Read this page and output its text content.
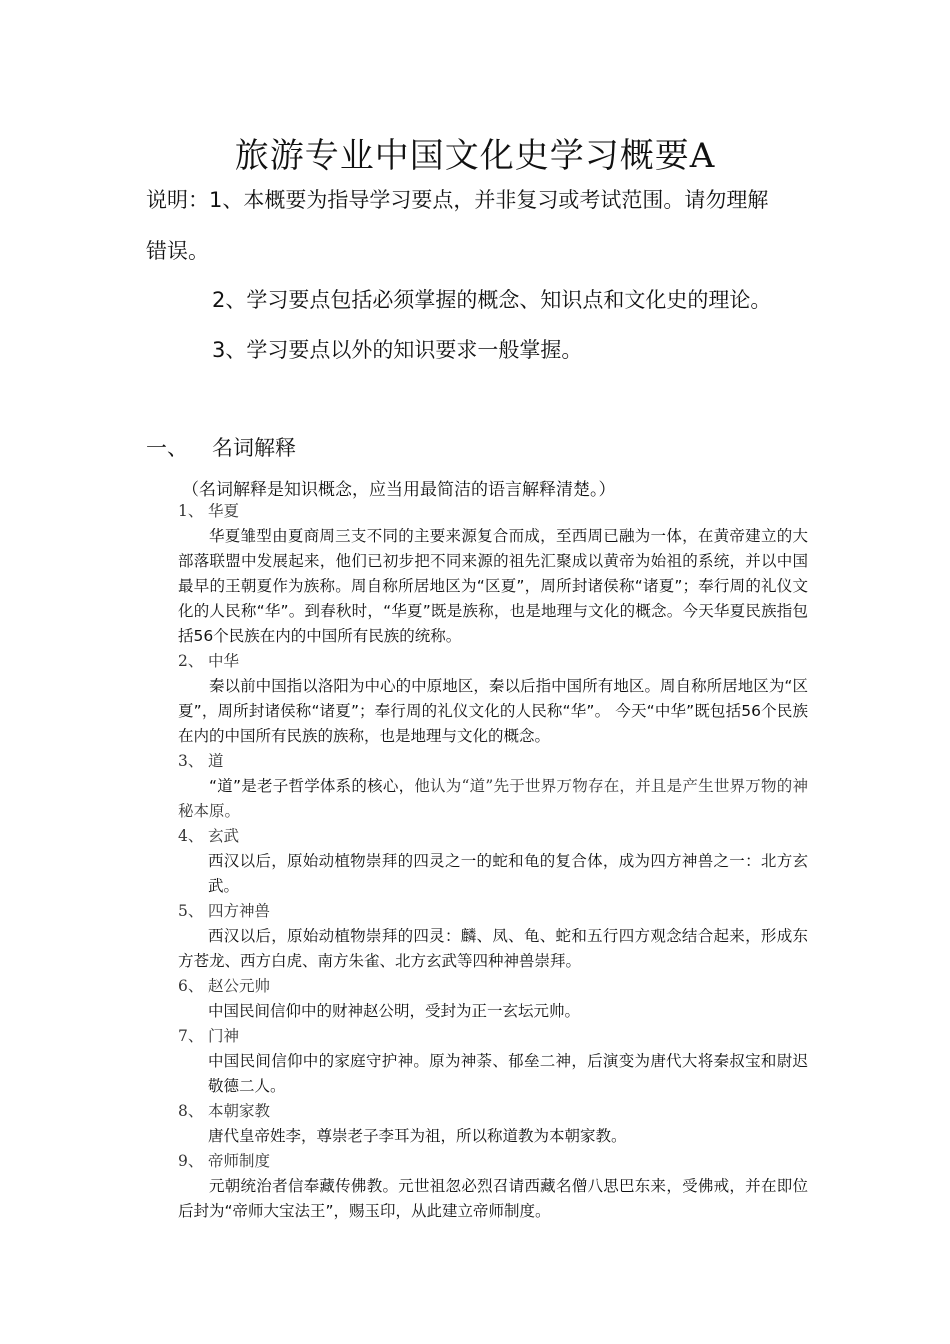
旅游专业中国文化史学习概要A
说明：1、本概要为指导学习要点，并非复习或考试范围。请勿理解
错误。
2、学习要点包括必须掌握的概念、知识点和文化史的理论。
3、学习要点以外的知识要求一般掌握。
一、 名词解释
（名词解释是知识概念，应当用最简洁的语言解释清楚。）
1、 华夏
华夏雏型由夏商周三支不同的主要来源复合而成，至西周已融为一体，在黄帝建立的大部落联盟中发展起来，他们已初步把不同来源的祖先汇聚成以黄帝为始祖的系统，并以中国最早的王朝夏作为族称。周自称所居地区为“区夏”，周所封诸侯称“诸夏”；奉行周的礼仪文化的人民称“华”。到春秋时，“华夏”既是族称，也是地理与文化的概念。今天华夏民族指包括56个民族在内的中国所有民族的统称。
2、 中华
秦以前中国指以洛阳为中心的中原地区，秦以后指中国所有地区。周自称所居地区为“区夏”，周所封诸侯称“诸夏”；奉行周的礼仪文化的人民称“华”。 今天“中华”既包括56个民族在内的中国所有民族的族称，也是地理与文化的概念。
3、 道
“道”是老子哲学体系的核心，他认为“道”先于世界万物存在，并且是产生世界万物的神秘本原。
4、 玄武
西汉以后，原始动植物崇拜的四灵之一的蛇和龟的复合体，成为四方神兽之一：北方玄武。
5、 四方神兽
西汉以后，原始动植物崇拜的四灵：麟、凤、龟、蛇和五行四方观念结合起来，形成东方苍龙、西方白虎、南方朱雀、北方玄武等四种神兽崇拜。
6、 赵公元帅
中国民间信仰中的财神赵公明，受封为正一玄坛元帅。
7、 门神
中国民间信仰中的家庭守护神。原为神荼、郁垒二神，后演变为唐代大将秦叔宝和尉迟敬德二人。
8、 本朝家教
唐代皇帝姓李，尊崇老子李耳为祖，所以称道教为本朝家教。
9、 帝师制度
元朝统治者信奉藏传佛教。元世祖忽必烈召请西藏名僧八思巴东来，受佛戒，并在即位后封为“帝师大宝法王”，赐玉印，从此建立帝师制度。
